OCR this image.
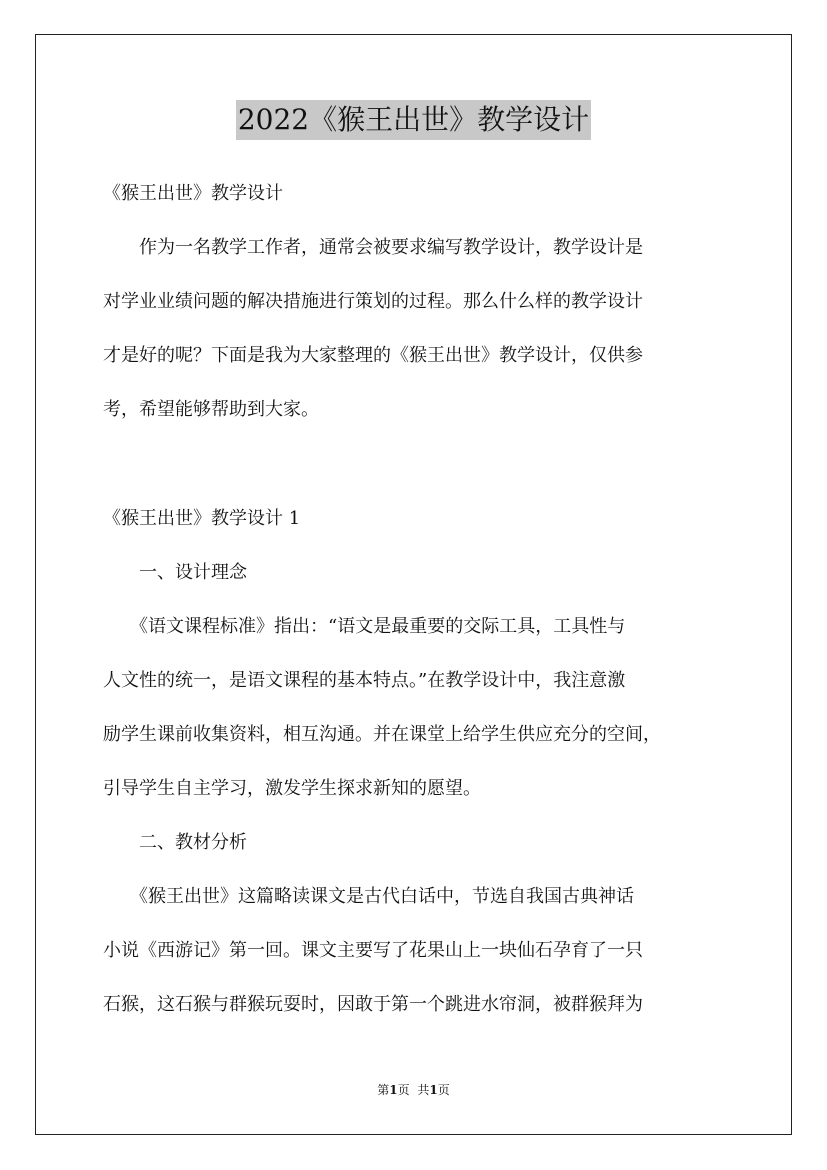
2022《猴王出世》教学设计
《猴王出世》教学设计
　　作为一名教学工作者，通常会被要求编写教学设计，教学设计是
对学业业绩问题的解决措施进行策划的过程。那么什么样的教学设计
才是好的呢？下面是我为大家整理的《猴王出世》教学设计，仅供参
考，希望能够帮助到大家。
《猴王出世》教学设计 1
　　一、设计理念
　　《语文课程标准》指出：“语文是最重要的交际工具，工具性与
人文性的统一，是语文课程的基本特点。”在教学设计中，我注意激
励学生课前收集资料，相互沟通。并在课堂上给学生供应充分的空间，
引导学生自主学习，激发学生探求新知的愿望。
　　二、教材分析
　　《猴王出世》这篇略读课文是古代白话中，节选自我国古典神话
小说《西游记》第一回。课文主要写了花果山上一块仙石孕育了一只
石猴，这石猴与群猴玩耍时，因敢于第一个跳进水帘洞，被群猴拜为
第1页 共1页
